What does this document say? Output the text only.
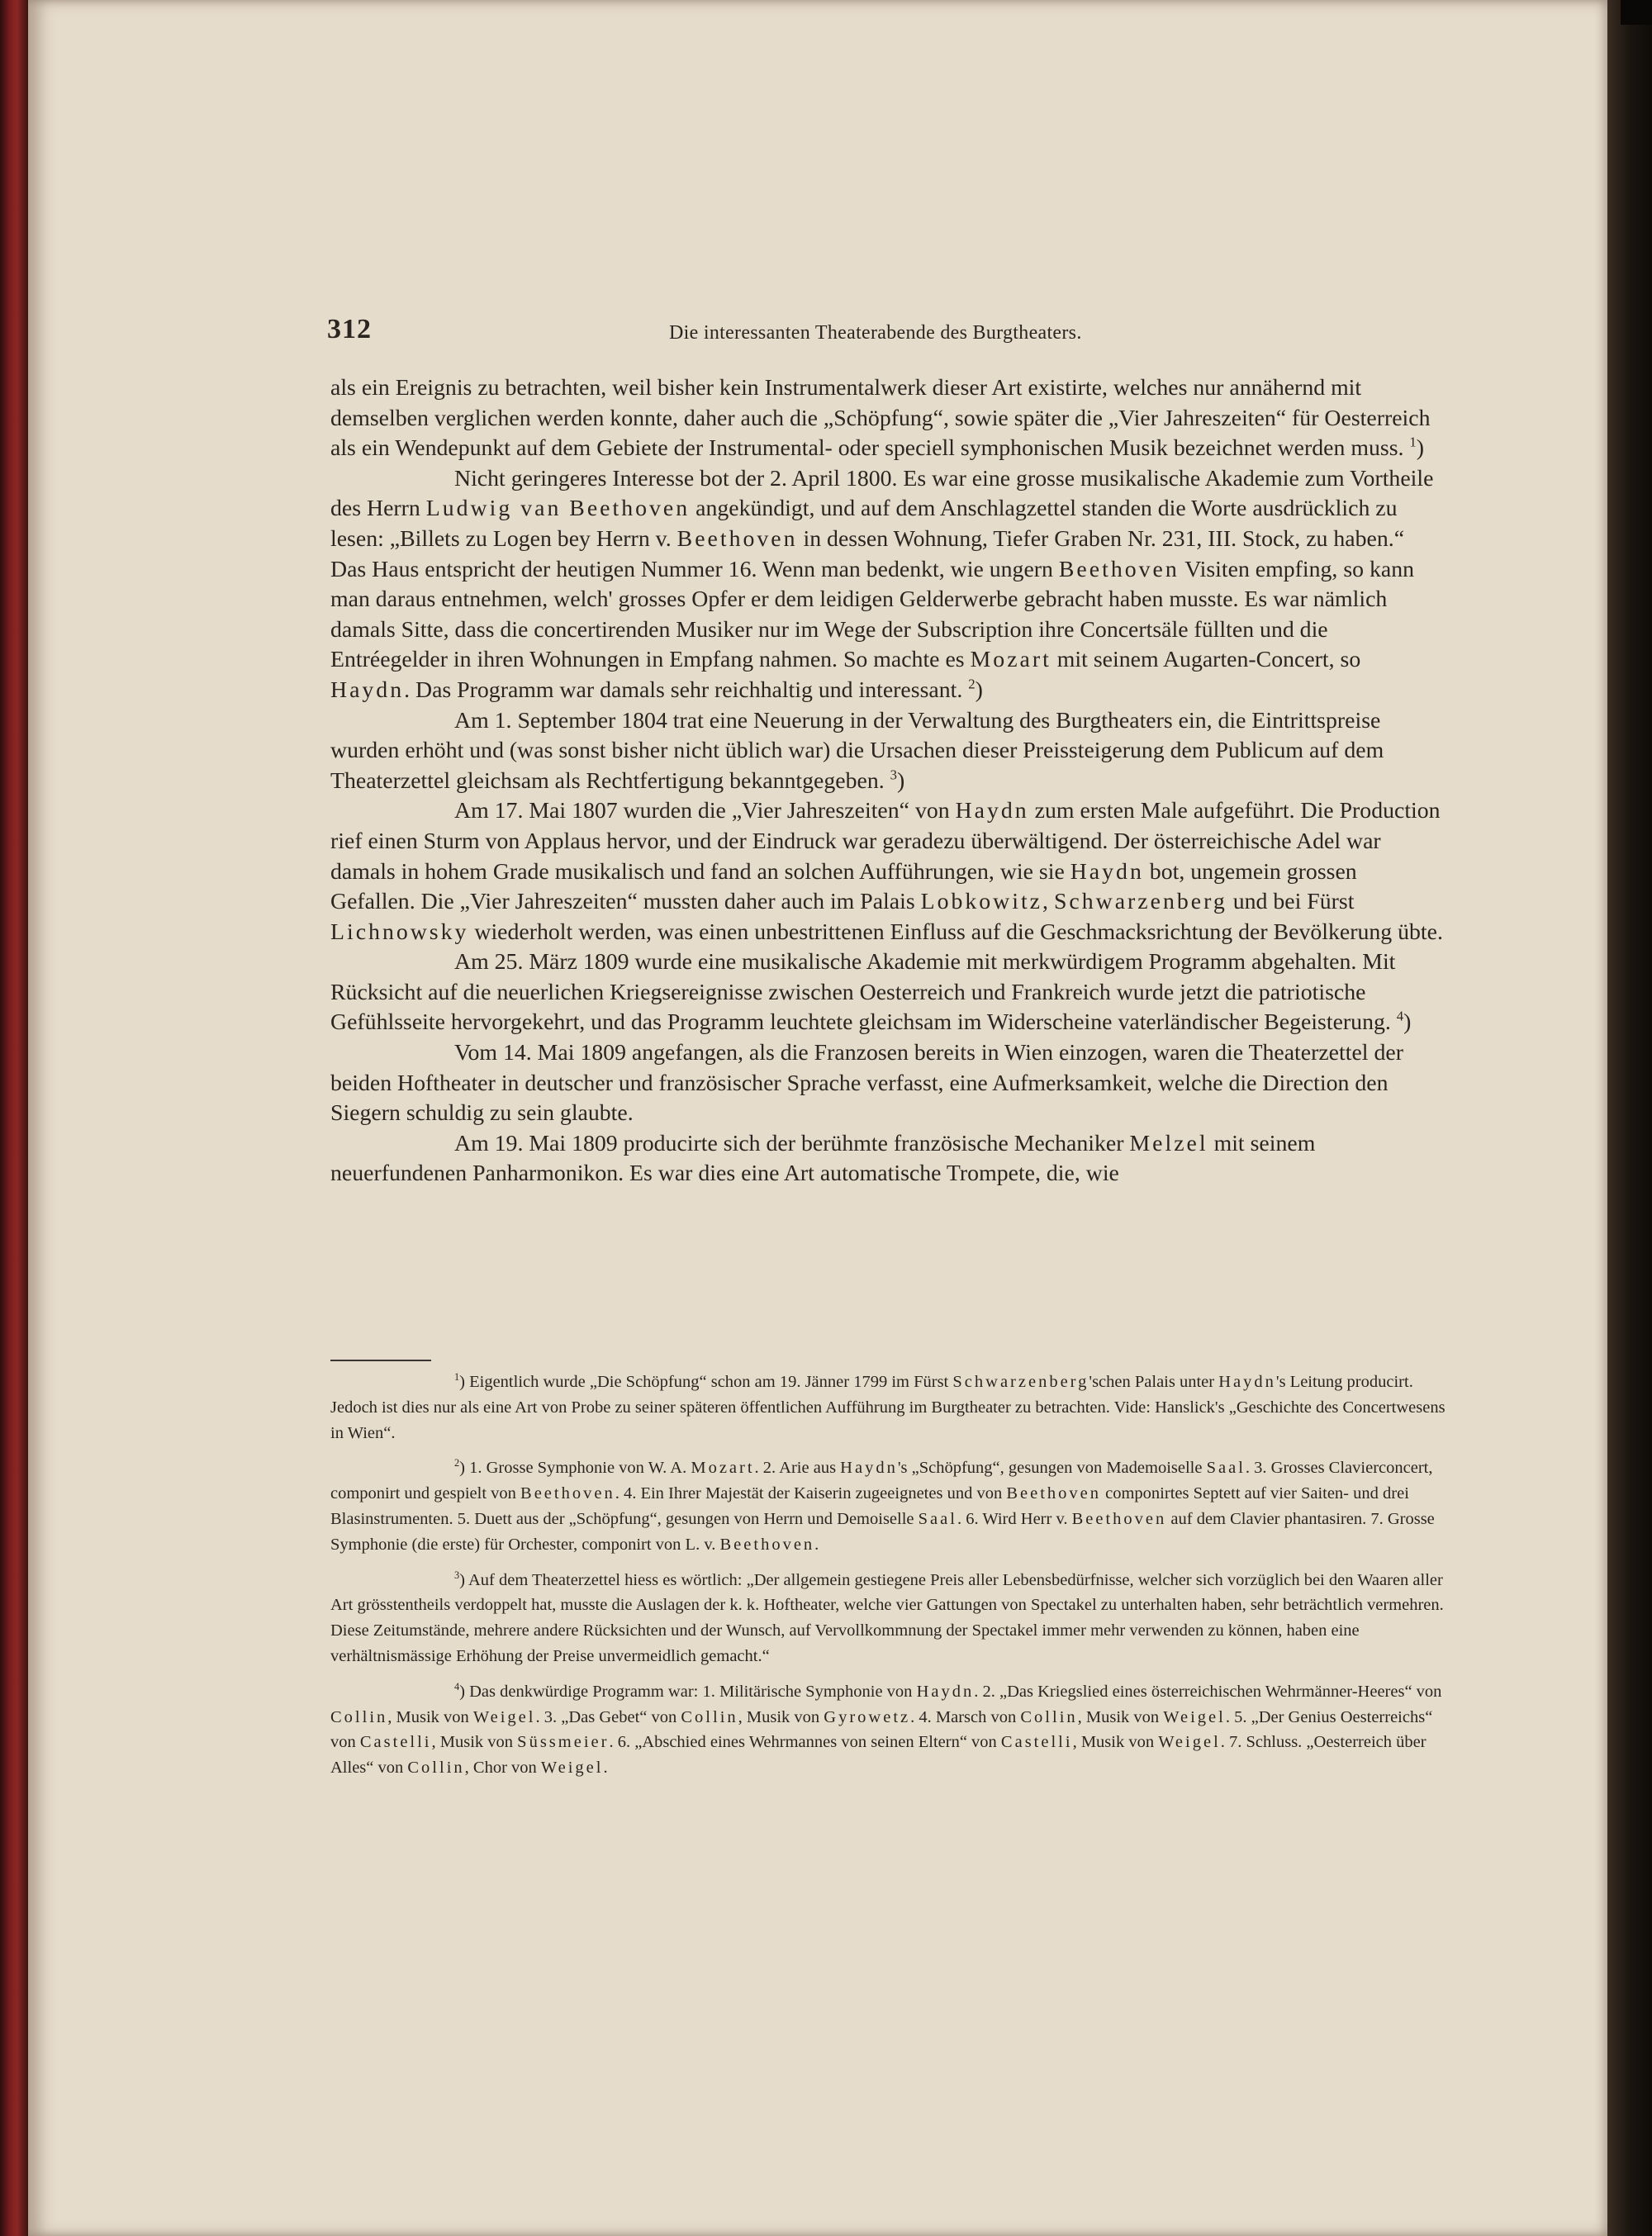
312	Die interessanten Theaterabende des Burgtheaters.

als ein Ereignis zu betrachten, weil bisher kein Instrumentalwerk dieser Art existirte, welches nur annähernd mit demselben verglichen werden konnte, daher auch die „Schöpfung“, sowie später die „Vier Jahreszeiten“ für Oesterreich als ein Wendepunkt auf dem Gebiete der Instrumental- oder speciell symphonischen Musik bezeichnet werden muss. $^1$)

Nicht geringeres Interesse bot der 2. April 1800. Es war eine grosse musikalische Akademie zum Vortheile des Herrn Ludwig van Beethoven angekündigt, und auf dem Anschlagzettel standen die Worte ausdrücklich zu lesen: „Billets zu Logen bey Herrn v. Beethoven in dessen Wohnung, Tiefer Graben Nr. 231, III. Stock, zu haben.“ Das Haus entspricht der heutigen Nummer 16. Wenn man bedenkt, wie ungern Beethoven Visiten empfing, so kann man daraus entnehmen, welch' grosses Opfer er dem leidigen Gelderwerbe gebracht haben musste. Es war nämlich damals Sitte, dass die concertirenden Musiker nur im Wege der Subscription ihre Concertsäle füllten und die Entréegelder in ihren Wohnungen in Empfang nahmen. So machte es Mozart mit seinem Augarten-Concert, so Haydn. Das Programm war damals sehr reichhaltig und interessant. $^2$)

Am 1. September 1804 trat eine Neuerung in der Verwaltung des Burgtheaters ein, die Eintrittspreise wurden erhöht und (was sonst bisher nicht üblich war) die Ursachen dieser Preissteigerung dem Publicum auf dem Theaterzettel gleichsam als Rechtfertigung bekanntgegeben. $^3$)

Am 17. Mai 1807 wurden die „Vier Jahreszeiten“ von Haydn zum ersten Male aufgeführt. Die Production rief einen Sturm von Applaus hervor, und der Eindruck war geradezu überwältigend. Der österreichische Adel war damals in hohem Grade musikalisch und fand an solchen Aufführungen, wie sie Haydn bot, ungemein grossen Gefallen. Die „Vier Jahreszeiten“ mussten daher auch im Palais Lobkowitz, Schwarzenberg und bei Fürst Lichnowsky wiederholt werden, was einen unbestrittenen Einfluss auf die Geschmacksrichtung der Bevölkerung übte.

Am 25. März 1809 wurde eine musikalische Akademie mit merkwürdigem Programm abgehalten. Mit Rücksicht auf die neuerlichen Kriegsereignisse zwischen Oesterreich und Frankreich wurde jetzt die patriotische Gefühlsseite hervorgekehrt, und das Programm leuchtete gleichsam im Widerscheine vaterländischer Begeisterung. $^4$)

Vom 14. Mai 1809 angefangen, als die Franzosen bereits in Wien einzogen, waren die Theaterzettel der beiden Hoftheater in deutscher und französischer Sprache verfasst, eine Aufmerksamkeit, welche die Direction den Siegern schuldig zu sein glaubte.

Am 19. Mai 1809 producirte sich der berühmte französische Mechaniker Melzel mit seinem neuerfundenen Panharmonikon. Es war dies eine Art automatische Trompete, die, wie

$^1$) Eigentlich wurde „Die Schöpfung“ schon am 19. Jänner 1799 im Fürst Schwarzenberg'schen Palais unter Haydn's Leitung producirt. Jedoch ist dies nur als eine Art von Probe zu seiner späteren öffentlichen Aufführung im Burgtheater zu betrachten. Vide: Hanslick's „Geschichte des Concertwesens in Wien“.

$^2$) 1. Grosse Symphonie von W. A. Mozart. 2. Arie aus Haydn's „Schöpfung“, gesungen von Mademoiselle Saal. 3. Grosses Clavierconcert, componirt und gespielt von Beethoven. 4. Ein Ihrer Majestät der Kaiserin zugeeignetes und von Beethoven componirtes Septett auf vier Saiten- und drei Blasinstrumenten. 5. Duett aus der „Schöpfung“, gesungen von Herrn und Demoiselle Saal. 6. Wird Herr v. Beethoven auf dem Clavier phantasiren. 7. Grosse Symphonie (die erste) für Orchester, componirt von L. v. Beethoven.

$^3$) Auf dem Theaterzettel hiess es wörtlich: „Der allgemein gestiegene Preis aller Lebensbedürfnisse, welcher sich vorzüglich bei den Waaren aller Art grösstentheils verdoppelt hat, musste die Auslagen der k. k. Hoftheater, welche vier Gattungen von Spectakel zu unterhalten haben, sehr beträchtlich vermehren. Diese Zeitumstände, mehrere andere Rücksichten und der Wunsch, auf Vervollkommnung der Spectakel immer mehr verwenden zu können, haben eine verhältnismässige Erhöhung der Preise unvermeidlich gemacht.“

$^4$) Das denkwürdige Programm war: 1. Militärische Symphonie von Haydn. 2. „Das Kriegslied eines österreichischen Wehrmänner-Heeres“ von Collin, Musik von Weigel. 3. „Das Gebet“ von Collin, Musik von Gyrowetz. 4. Marsch von Collin, Musik von Weigel. 5. „Der Genius Oesterreichs“ von Castelli, Musik von Süssmeier. 6. „Abschied eines Wehrmannes von seinen Eltern“ von Castelli, Musik von Weigel. 7. Schluss. „Oesterreich über Alles“ von Collin, Chor von Weigel.
